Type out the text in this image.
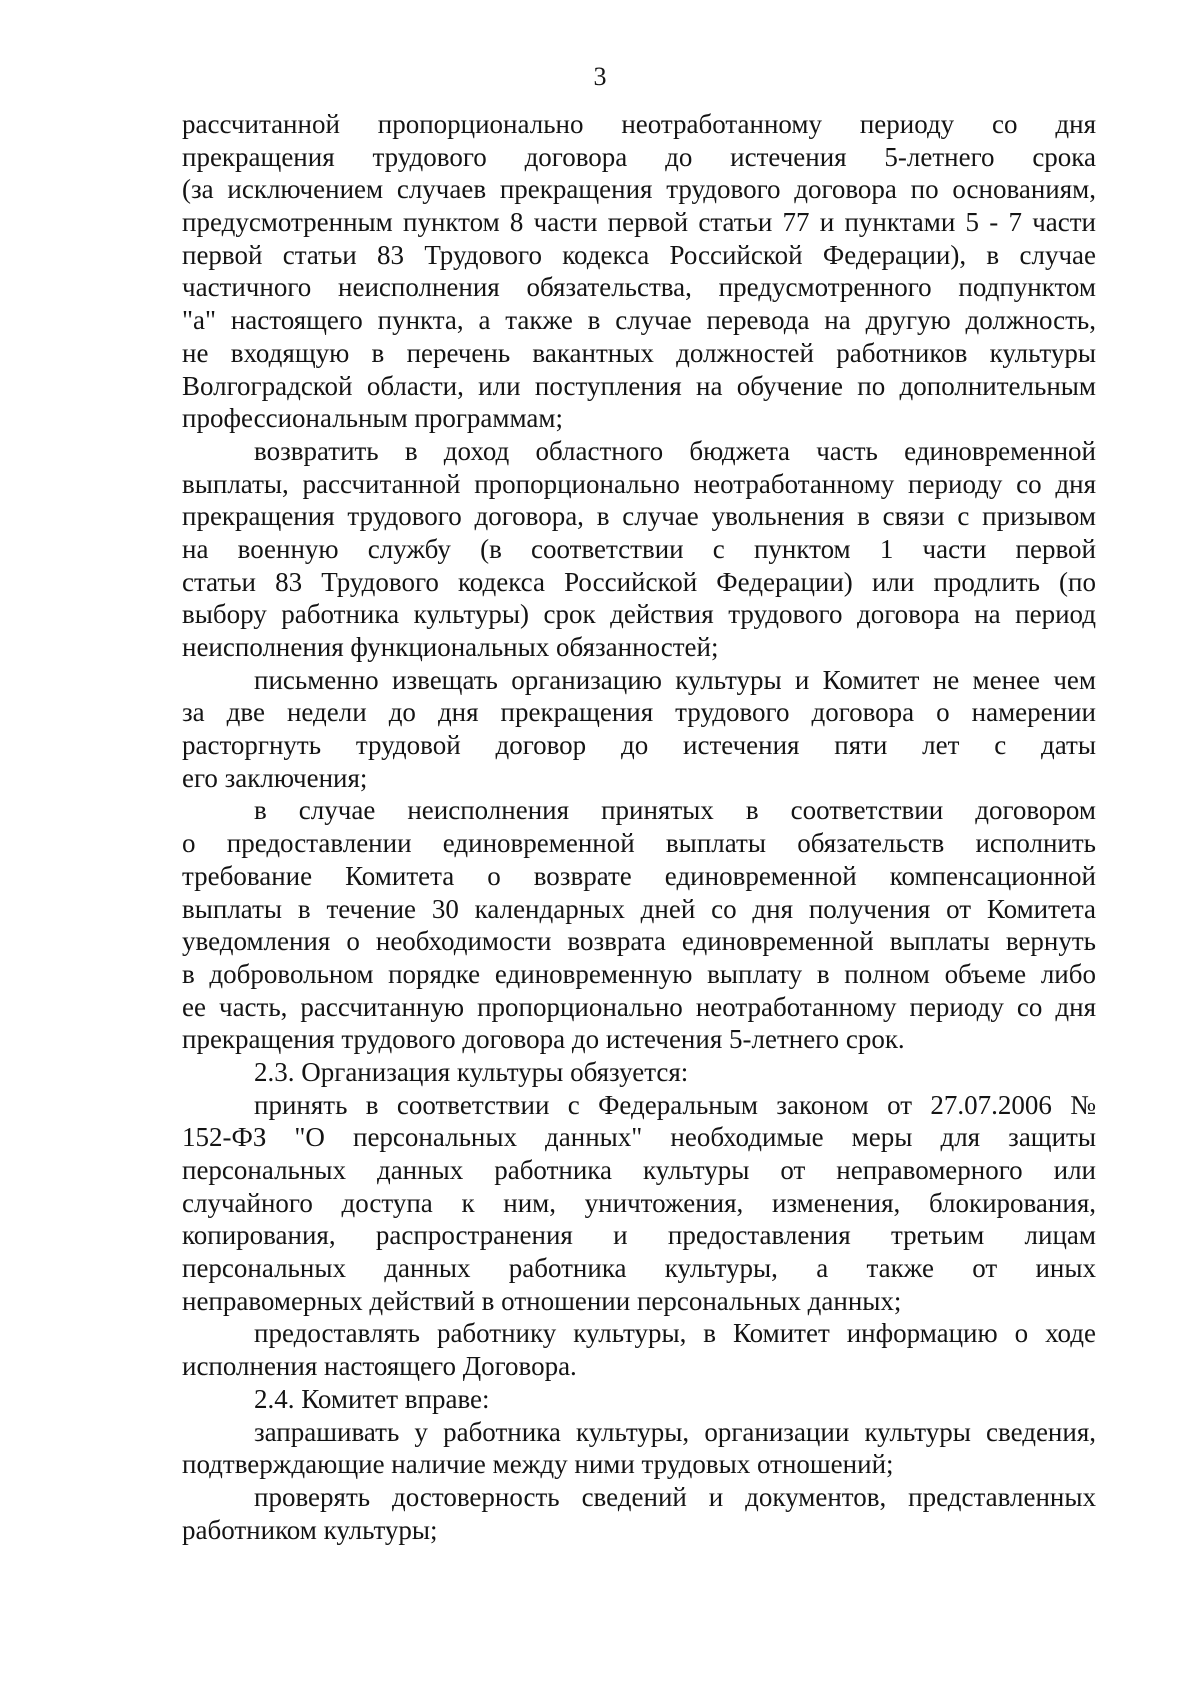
3
рассчитанной пропорционально неотработанному периоду со дня
прекращения трудового договора до истечения 5-летнего срока
(за исключением случаев прекращения трудового договора по основаниям,
предусмотренным пунктом 8 части первой статьи 77 и пунктами 5 - 7 части
первой статьи 83 Трудового кодекса Российской Федерации), в случае
частичного неисполнения обязательства, предусмотренного подпунктом
"а" настоящего пункта, а также в случае перевода на другую должность,
не входящую в перечень вакантных должностей работников культуры
Волгоградской области, или поступления на обучение по дополнительным
профессиональным программам;
возвратить в доход областного бюджета часть единовременной
выплаты, рассчитанной пропорционально неотработанному периоду со дня
прекращения трудового договора, в случае увольнения в связи с призывом
на военную службу (в соответствии с пунктом 1 части первой
статьи 83 Трудового кодекса Российской Федерации) или продлить (по
выбору работника культуры) срок действия трудового договора на период
неисполнения функциональных обязанностей;
письменно извещать организацию культуры и Комитет не менее чем
за две недели до дня прекращения трудового договора о намерении
расторгнуть трудовой договор до истечения пяти лет с даты
его заключения;
в случае неисполнения принятых в соответствии договором
о предоставлении единовременной выплаты обязательств исполнить
требование Комитета о возврате единовременной компенсационной
выплаты в течение 30 календарных дней со дня получения от Комитета
уведомления о необходимости возврата единовременной выплаты вернуть
в добровольном порядке единовременную выплату в полном объеме либо
ее часть, рассчитанную пропорционально неотработанному периоду со дня
прекращения трудового договора до истечения 5-летнего срок.
2.3. Организация культуры обязуется:
принять в соответствии с Федеральным законом от 27.07.2006 №
152-ФЗ "О персональных данных" необходимые меры для защиты
персональных данных работника культуры от неправомерного или
случайного доступа к ним, уничтожения, изменения, блокирования,
копирования, распространения и предоставления третьим лицам
персональных данных работника культуры, а также от иных
неправомерных действий в отношении персональных данных;
предоставлять работнику культуры, в Комитет информацию о ходе
исполнения настоящего Договора.
2.4. Комитет вправе:
запрашивать у работника культуры, организации культуры сведения,
подтверждающие наличие между ними трудовых отношений;
проверять достоверность сведений и документов, представленных
работником культуры;
